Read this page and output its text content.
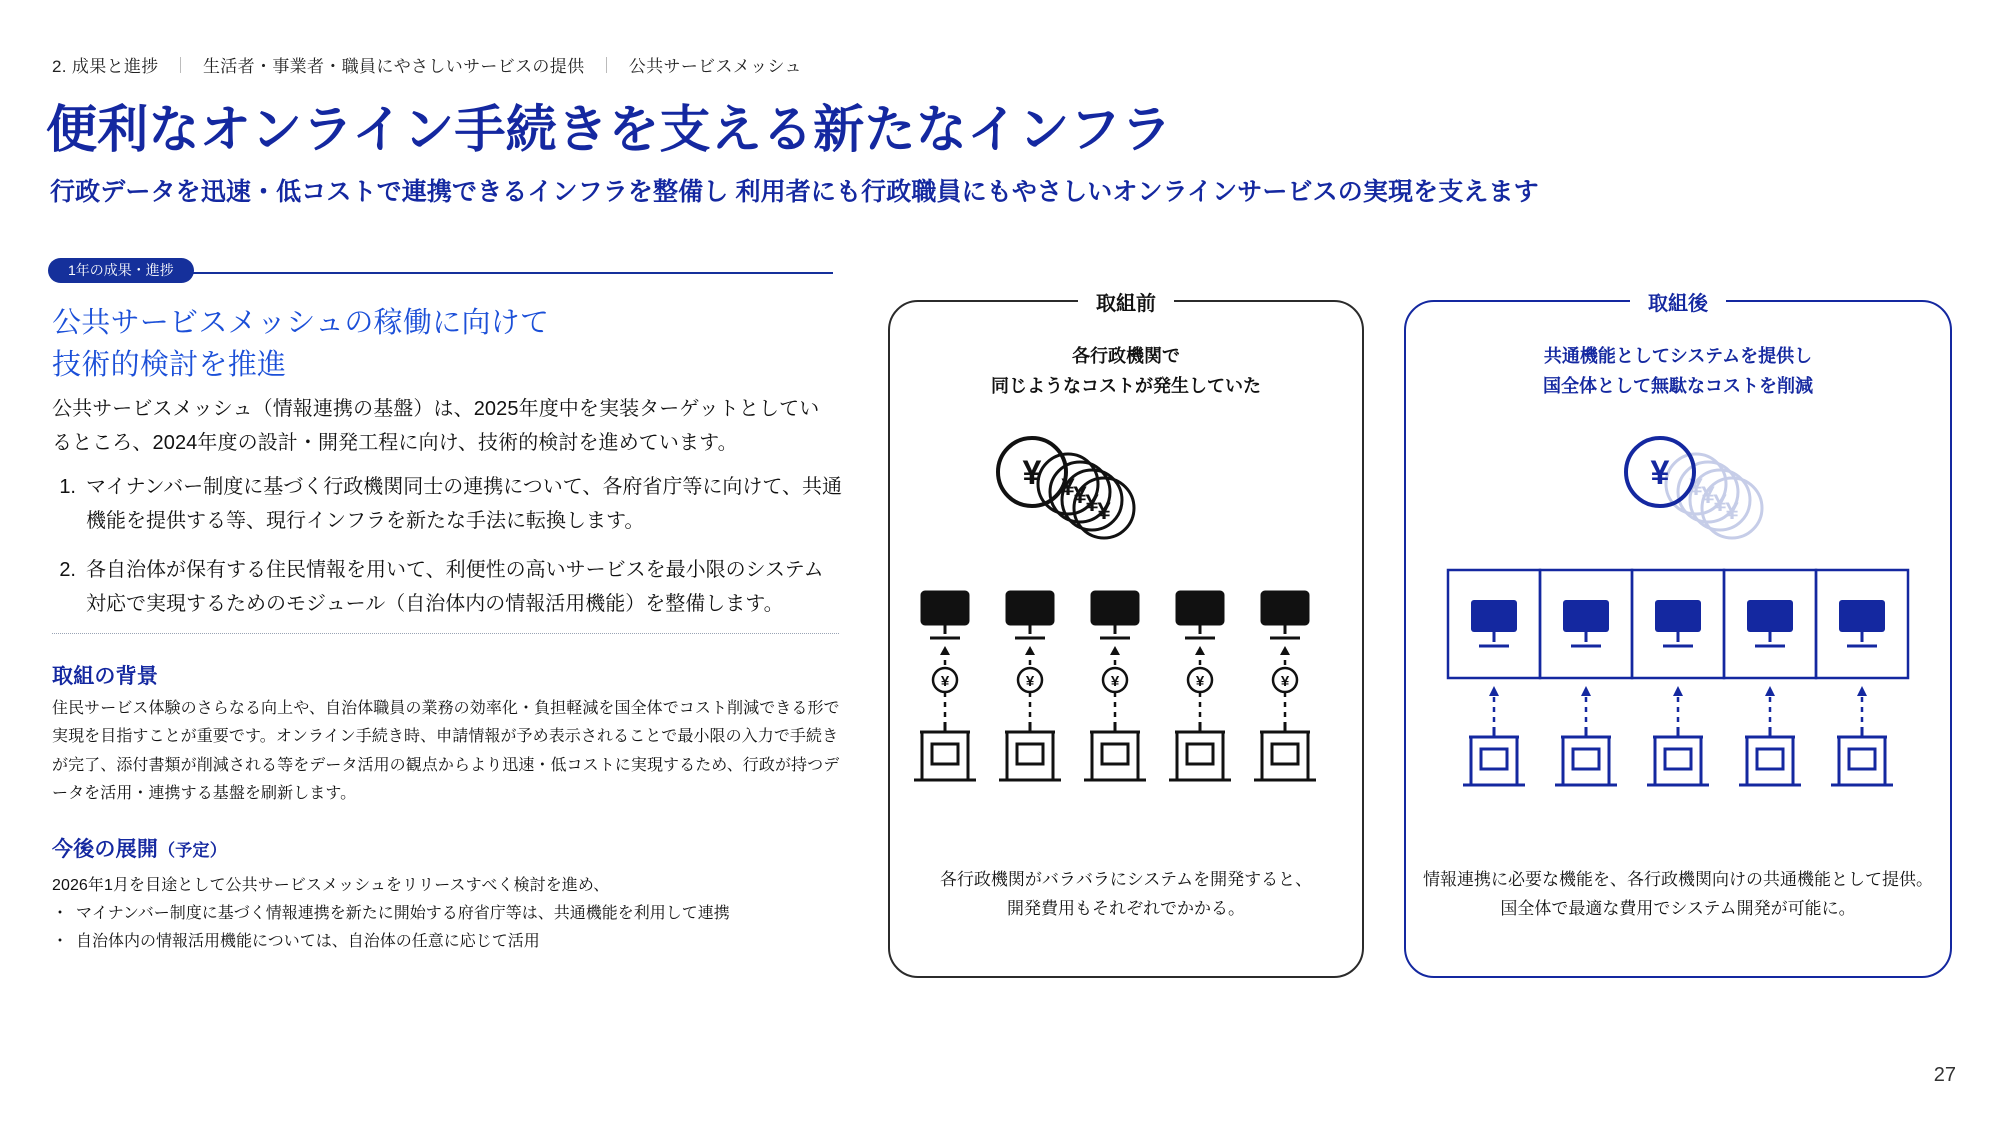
2. 成果と進捗 ｜ 生活者・事業者・職員にやさしいサービスの提供 ｜ 公共サービスメッシュ
便利なオンライン手続きを支える新たなインフラ
行政データを迅速・低コストで連携できるインフラを整備し 利用者にも行政職員にもやさしいオンラインサービスの実現を支えます
1年の成果・進捗
公共サービスメッシュの稼働に向けて
技術的検討を推進
公共サービスメッシュ（情報連携の基盤）は、2025年度中を実装ターゲットとしているところ、2024年度の設計・開発工程に向け、技術的検討を進めています。
1. マイナンバー制度に基づく行政機関同士の連携について、各府省庁等に向けて、共通機能を提供する等、現行インフラを新たな手法に転換します。
2. 各自治体が保有する住民情報を用いて、利便性の高いサービスを最小限のシステム対応で実現するためのモジュール（自治体内の情報活用機能）を整備します。
取組の背景
住民サービス体験のさらなる向上や、自治体職員の業務の効率化・負担軽減を国全体でコスト削減できる形で実現を目指すことが重要です。オンライン手続き時、申請情報が予め表示されることで最小限の入力で手続きが完了、添付書類が削減される等をデータ活用の観点からより迅速・低コストに実現するため、行政が持つデータを活用・連携する基盤を刷新します。
今後の展開（予定）
2026年1月を目途として公共サービスメッシュをリリースすべく検討を進め、
・ マイナンバー制度に基づく情報連携を新たに開始する府省庁等は、共通機能を利用して連携
・ 自治体内の情報活用機能については、自治体の任意に応じて活用
取組前
各行政機関で
同じようなコストが発生していた
¥ ¥
¥
¥
¥
¥	¥	¥	¥	¥
各行政機関がバラバラにシステムを開発すると、
開発費用もそれぞれでかかる。
取組後
共通機能としてシステムを提供し
国全体として無駄なコストを削減
¥
¥
¥
¥
¥
情報連携に必要な機能を、各行政機関向けの共通機能として提供。
国全体で最適な費用でシステム開発が可能に。
27
